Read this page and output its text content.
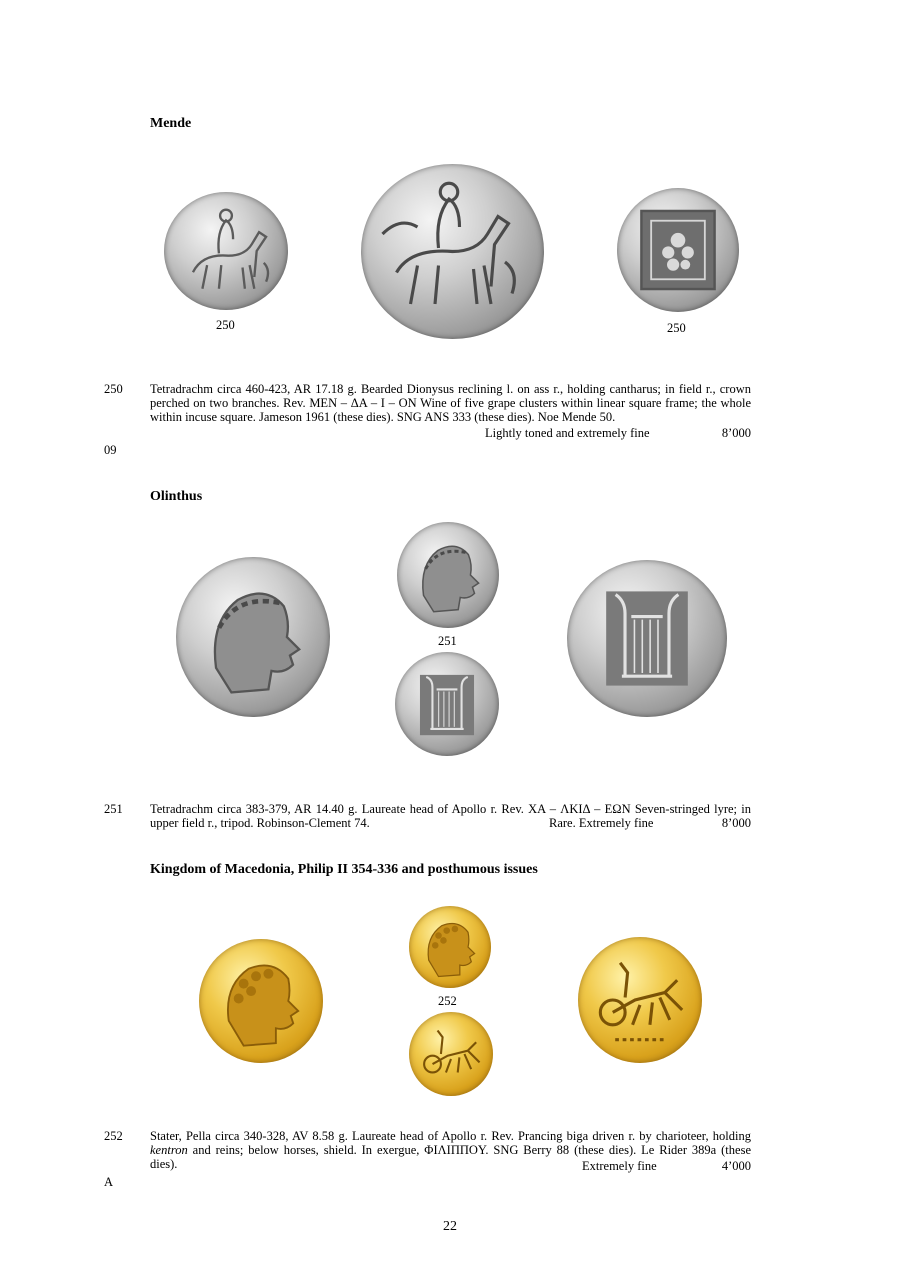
Mende
250	250
250 Tetradrachm circa 460-423, AR 17.18 g. Bearded Dionysus reclining l. on ass r., holding cantharus; in field r., crown perched on two branches. Rev. MEN – ΔA – I – ON Wine of five grape clusters within linear square frame; the whole within incuse square. Jameson 1961 (these dies). SNG ANS 333 (these dies). Noe Mende 50.
Lightly toned and extremely fine	8’000
09
Olinthus
251
251 Tetradrachm circa 383-379, AR 14.40 g. Laureate head of Apollo r. Rev. XA – ΛΚΙΔ – EΩN Seven-stringed lyre; in upper field r., tripod. Robinson-Clement 74.	Rare. Extremely fine	8’000
Kingdom of Macedonia, Philip II 354-336 and posthumous issues
252
252 Stater, Pella circa 340-328, AV 8.58 g. Laureate head of Apollo r. Rev. Prancing biga driven r. by charioteer, holding kentron and reins; below horses, shield. In exergue, ΦIΛIΠΠOY. SNG Berry 88 (these dies). Le Rider 389a (these dies).	Extremely fine	4’000
A
22
